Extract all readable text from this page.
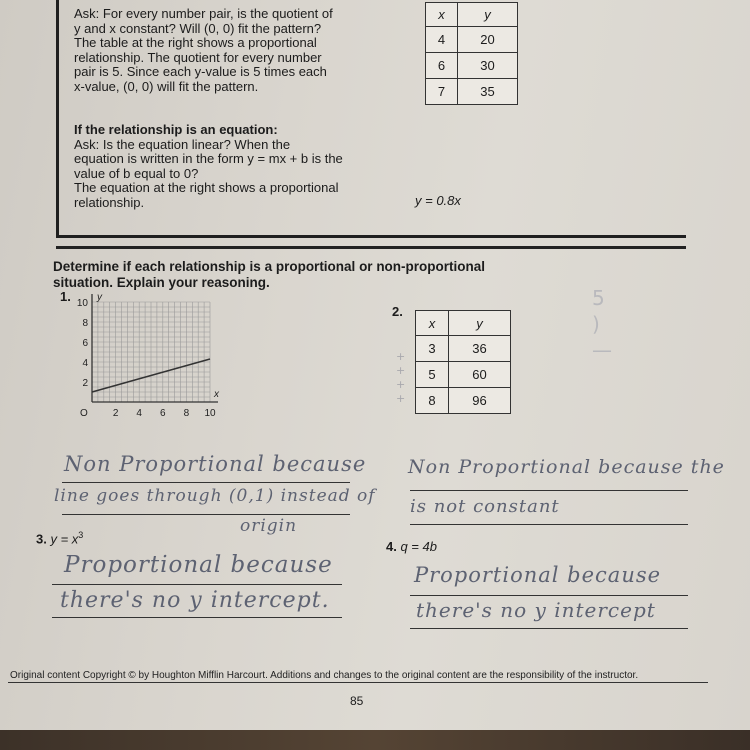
Ask: For every number pair, is the quotient of
y and x constant? Will (0, 0) fit the pattern?
The table at the right shows a proportional
relationship. The quotient for every number
pair is 5. Since each y-value is 5 times each
x-value, (0, 0) will fit the pattern.
x	y
4	20
6	30
7	35
If the relationship is an equation:
Ask: Is the equation linear? When the
equation is written in the form y = mx + b is the
value of b equal to 0?
The equation at the right shows a proportional
relationship.	y = 0.8x
Determine if each relationship is a proportional or non-proportional
situation. Explain your reasoning.
1. 10
8
6
4
2
2 4 6 8 10
y
x
O
2.
x	y
3	36
5	60
8	96
+
+
+
+
5
)
—
Non Proportional because
line goes through (0,1) instead of
origin
Non Proportional because the
is not constant
3. $y = x^3$
Proportional because
there's no y intercept.
4. q = 4b
Proportional because
there's no y intercept
Original content Copyright © by Houghton Mifflin Harcourt. Additions and changes to the original content are the responsibility of the instructor.
85
